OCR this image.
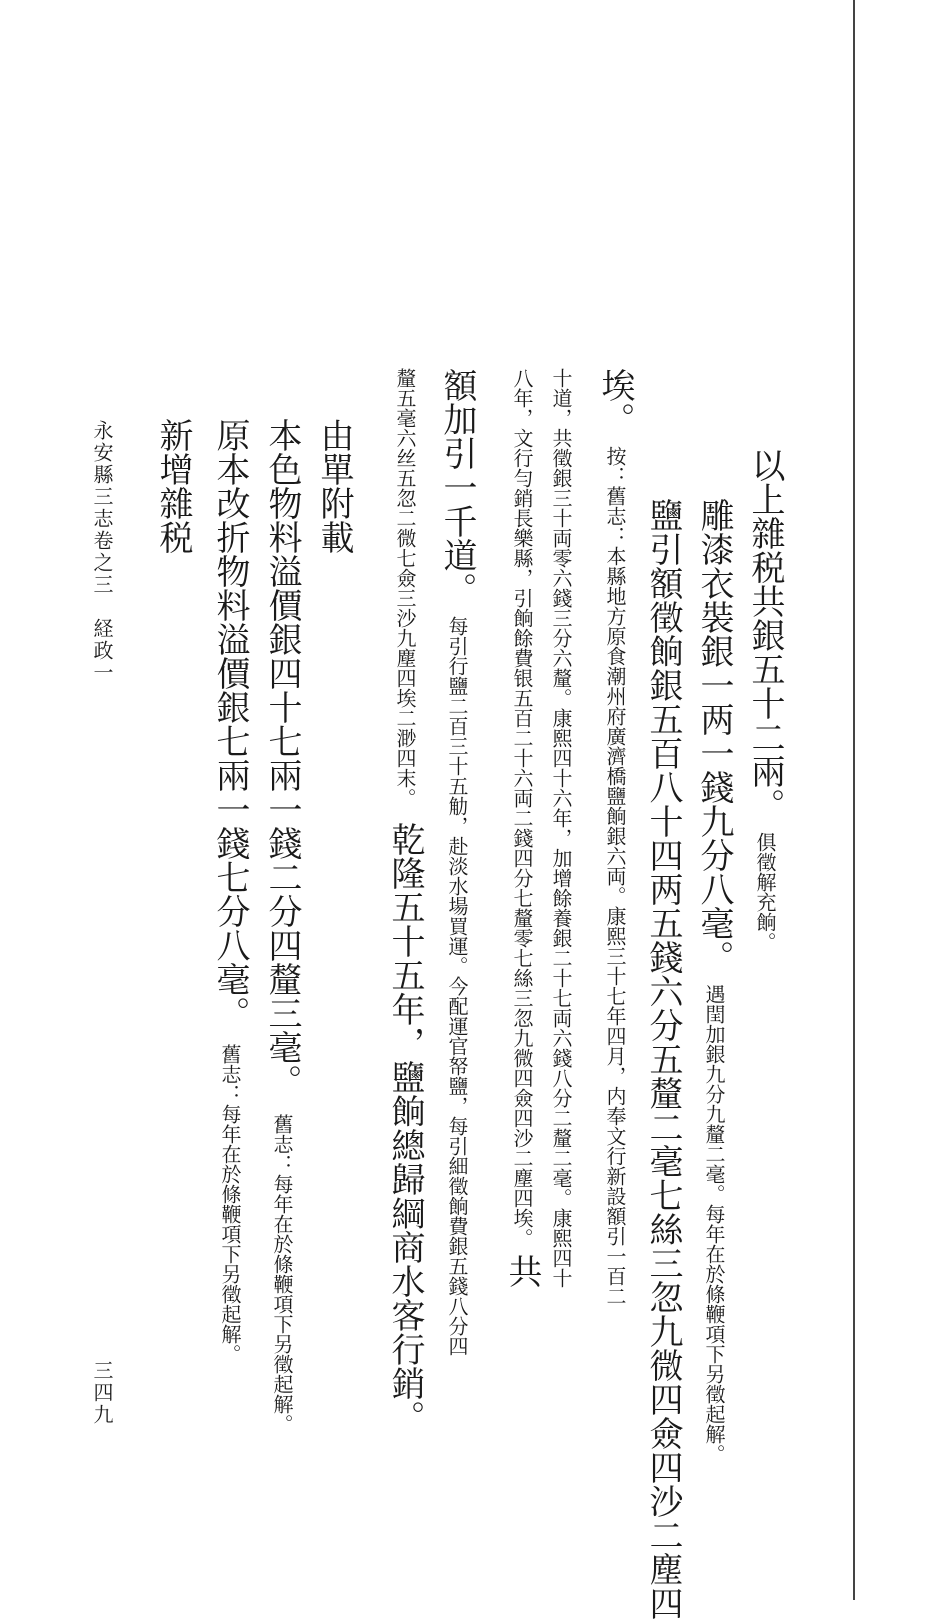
以上雜税共銀五十二兩。俱徵解充餉。
雕漆衣裝銀一两一錢九分八毫。遇閏加銀九分九釐二毫。每年在於條鞭項下另徵起解。
鹽引額徵餉銀五百八十四两五錢六分五釐二毫七絲三忽九微四僉四沙二塵四
埃。按：舊志：本縣地方原食潮州府廣濟橋鹽餉銀六両。康熙三十七年四月，内奉文行新設額引一百二
十道，共徵銀三十両零六錢三分六釐。康熙四十六年，加增餘養銀二十七両六錢八分二釐二毫。康熙四十
八年，文行勻銷長樂縣，引餉餘費银五百二十六両二錢四分七釐零七絲三忽九微四僉四沙二塵四埃。共
額加引一千道。每引行鹽二百三十五觔，赴淡水場買運。今配運官帑鹽，每引細徵餉費銀五錢八分四
釐五毫六丝五忽二微七僉三沙九塵四埃二渺四末。乾隆五十五年，鹽餉總歸綱商水客行銷。
由單附載
本色物料溢價銀四十七兩一錢二分四釐三毫。舊志：每年在於條鞭項下另徵起解。
原本改折物料溢價銀七兩一錢七分八毫。舊志：每年在於條鞭項下另徵起解。
新增雜税
永安縣三志卷之三　経政一
三四九
